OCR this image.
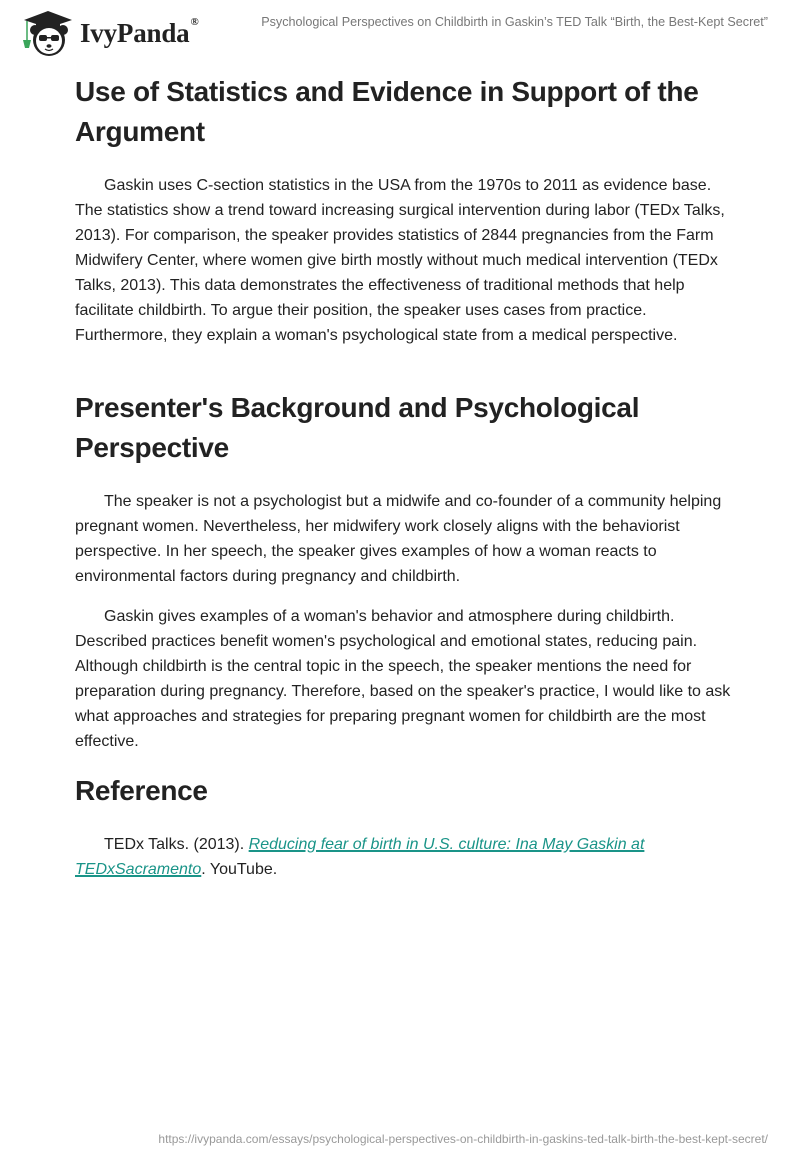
IvyPanda®	Psychological Perspectives on Childbirth in Gaskin’s TED Talk “Birth, the Best-Kept Secret”
Use of Statistics and Evidence in Support of the Argument

Gaskin uses C-section statistics in the USA from the 1970s to 2011 as evidence base. The statistics show a trend toward increasing surgical intervention during labor (TEDx Talks, 2013). For comparison, the speaker provides statistics of 2844 pregnancies from the Farm Midwifery Center, where women give birth mostly without much medical intervention (TEDx Talks, 2013). This data demonstrates the effectiveness of traditional methods that help facilitate childbirth. To argue their position, the speaker uses cases from practice. Furthermore, they explain a woman's psychological state from a medical perspective.

Presenter's Background and Psychological Perspective

The speaker is not a psychologist but a midwife and co-founder of a community helping pregnant women. Nevertheless, her midwifery work closely aligns with the behaviorist perspective. In her speech, the speaker gives examples of how a woman reacts to environmental factors during pregnancy and childbirth.

Gaskin gives examples of a woman's behavior and atmosphere during childbirth. Described practices benefit women's psychological and emotional states, reducing pain. Although childbirth is the central topic in the speech, the speaker mentions the need for preparation during pregnancy. Therefore, based on the speaker's practice, I would like to ask what approaches and strategies for preparing pregnant women for childbirth are the most effective.

Reference

TEDx Talks. (2013). Reducing fear of birth in U.S. culture: Ina May Gaskin at TEDxSacramento. YouTube.

https://ivypanda.com/essays/psychological-perspectives-on-childbirth-in-gaskins-ted-talk-birth-the-best-kept-secret/
